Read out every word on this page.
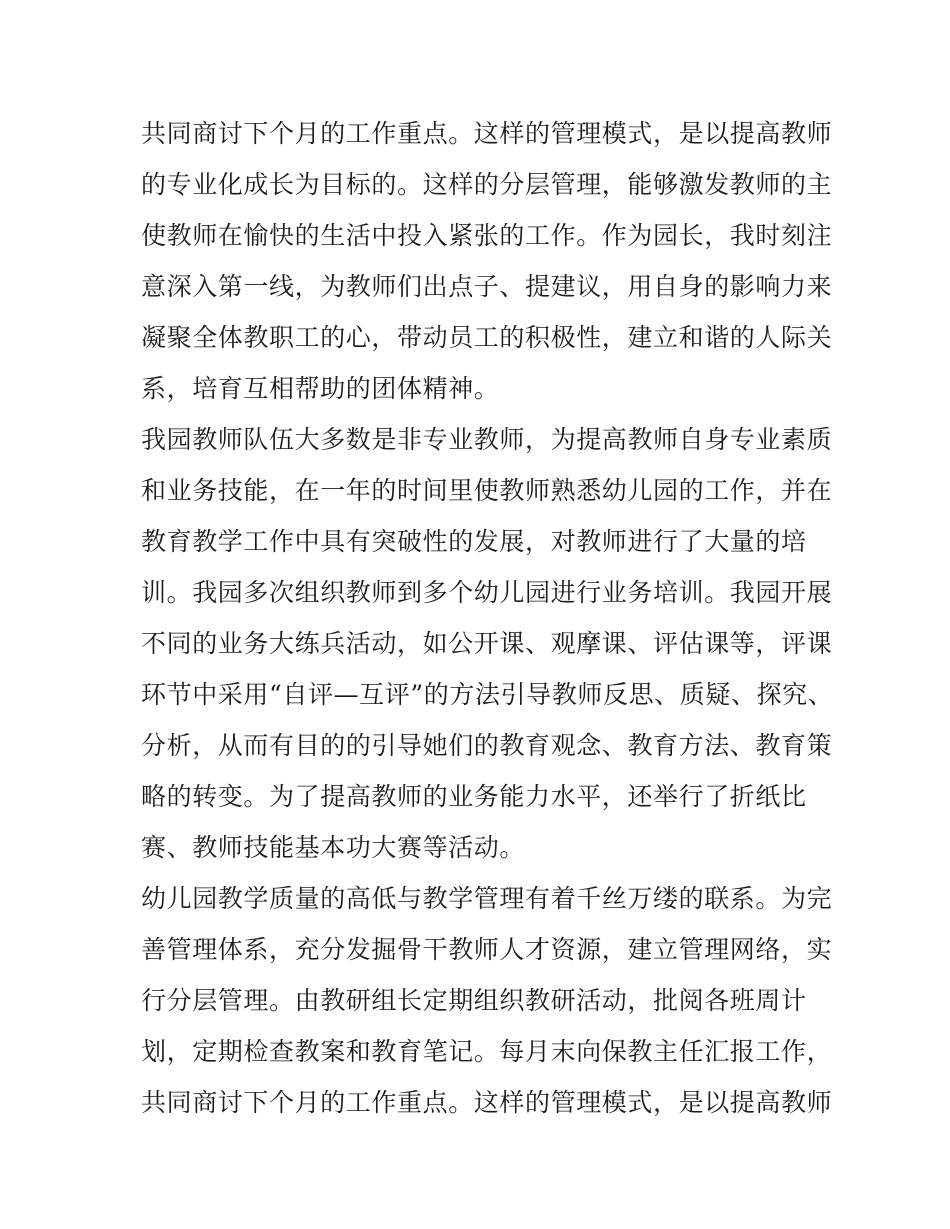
共同商讨下个月的工作重点。这样的管理模式，是以提高教师
的专业化成长为目标的。这样的分层管理，能够激发教师的主
使教师在愉快的生活中投入紧张的工作。作为园长，我时刻注
意深入第一线，为教师们出点子、提建议，用自身的影响力来
凝聚全体教职工的心，带动员工的积极性，建立和谐的人际关
系，培育互相帮助的团体精神。
我园教师队伍大多数是非专业教师，为提高教师自身专业素质
和业务技能，在一年的时间里使教师熟悉幼儿园的工作，并在
教育教学工作中具有突破性的发展，对教师进行了大量的培
训。我园多次组织教师到多个幼儿园进行业务培训。我园开展
不同的业务大练兵活动，如公开课、观摩课、评估课等，评课
环节中采用“自评—互评”的方法引导教师反思、质疑、探究、
分析，从而有目的的引导她们的教育观念、教育方法、教育策
略的转变。为了提高教师的业务能力水平，还举行了折纸比
赛、教师技能基本功大赛等活动。
幼儿园教学质量的高低与教学管理有着千丝万缕的联系。为完
善管理体系，充分发掘骨干教师人才资源，建立管理网络，实
行分层管理。由教研组长定期组织教研活动，批阅各班周计
划，定期检查教案和教育笔记。每月末向保教主任汇报工作，
共同商讨下个月的工作重点。这样的管理模式，是以提高教师
